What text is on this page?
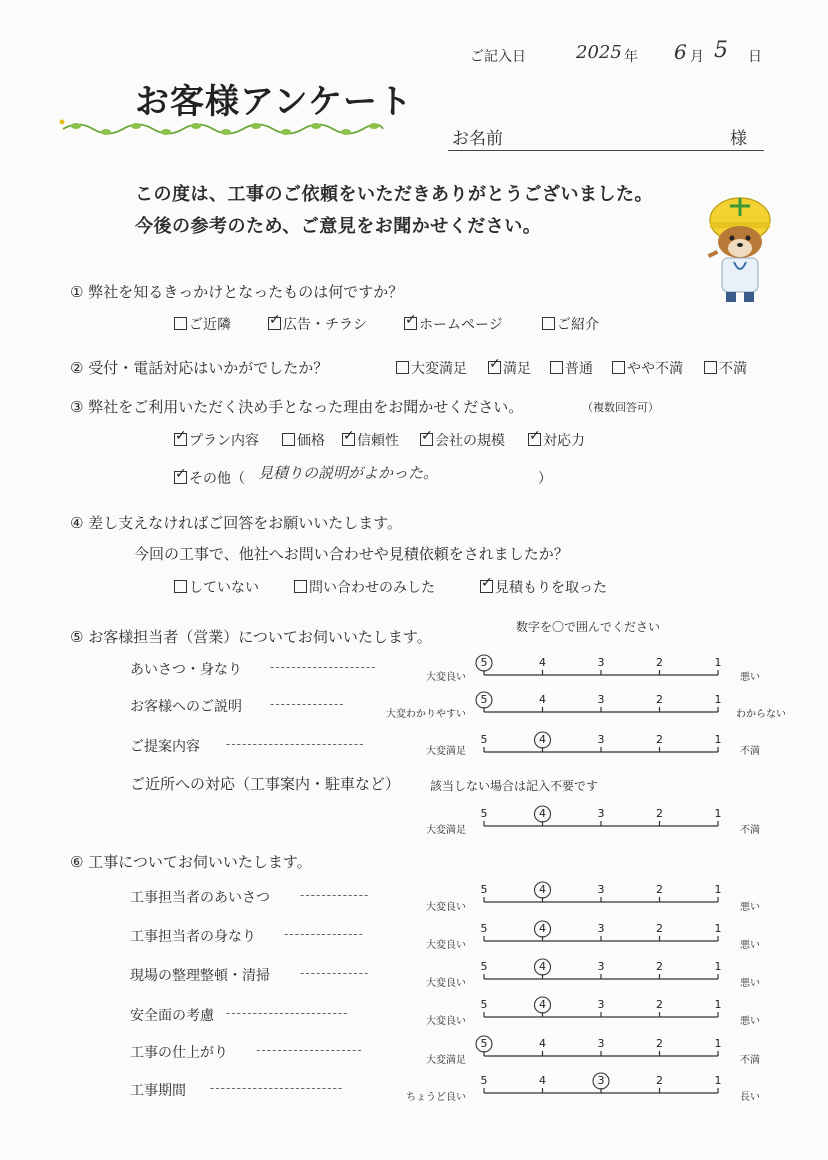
ご記入日	2025 年 6 月 5 日
お客様アンケート
お名前	様
この度は、工事のご依頼をいただきありがとうございました。
今後の参考のため、ご意見をお聞かせください。
① 弊社を知るきっかけとなったものは何ですか？
ご近隣 ✓	広告・チラシ ✓	ホームページ	ご紹介
② 受付・電話対応はいかがでしたか？	大変満足 ✓	満足	普通	やや不満	不満
③ 弊社をご利用いただく決め手となった理由をお聞かせください。	（複数回答可）
✓プラン内容	価格 ✓	信頼性 ✓	会社の規模 ✓	対応力
✓その他（ 見積りの説明がよかった。	）
④ 差し支えなければご回答をお願いいたします。
今回の工事で、他社へお問い合わせや見積依頼をされましたか？
していない	問い合わせのみした ✓	見積もりを取った
数字を〇で囲んでください
⑤ お客様担当者（営業）についてお伺いいたします。
あいさつ・身なり --------------------
大変良い
5	4	3	2	1
悪い
お客様へのご説明 --------------
大変わかりやすい
5	4	3	2	1
わからない
ご提案内容 --------------------------
大変満足
5	4	3	2	1
不満
ご近所への対応（工事案内・駐車など） 該当しない場合は記入不要です
大変満足
5	4	3	2	1
不満
⑥ 工事についてお伺いいたします。
工事担当者のあいさつ	-------------
大変良い
5	4	3	2	1
悪い
工事担当者の身なり ---------------
大変良い
5	4	3	2	1
悪い
現場の整理整頓・清掃	-------------
大変良い
5	4	3	2	1
悪い
安全面の考慮 -----------------------
大変良い
5	4	3	2	1
悪い
工事の仕上がり --------------------
大変満足
5	4	3	2	1
不満
工事期間 -------------------------
ちょうど良い
5	4	3	2	1
長い
